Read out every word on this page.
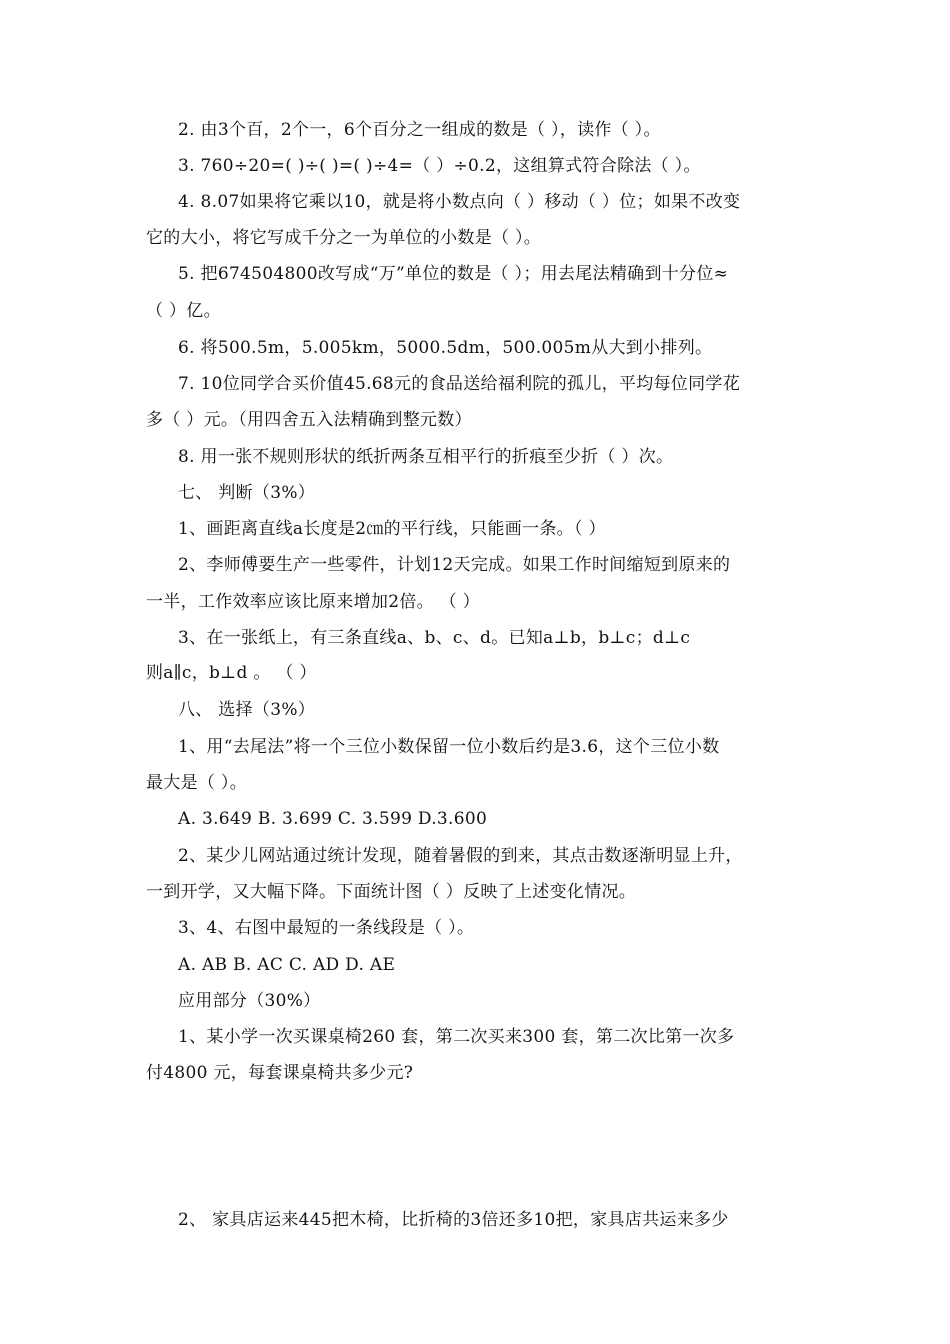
2. 由3个百，2个一，6个百分之一组成的数是（ ），读作（ ）。
3. 760÷20=( )÷( )=( )÷4=（ ）÷0.2，这组算式符合除法（ ）。
4. 8.07如果将它乘以10，就是将小数点向（ ）移动（ ）位；如果不改变
它的大小，将它写成千分之一为单位的小数是（ ）。
5. 把674504800改写成“万”单位的数是（ ）；用去尾法精确到十分位≈
（ ）亿。
6. 将500.5m，5.005km，5000.5dm，500.005m从大到小排列。
7. 10位同学合买价值45.68元的食品送给福利院的孤儿，平均每位同学花
多（ ）元。（用四舍五入法精确到整元数）
8. 用一张不规则形状的纸折两条互相平行的折痕至少折（ ）次。
七、 判断（3%）
1、画距离直线a长度是2㎝的平行线，只能画一条。（ ）
2、李师傅要生产一些零件，计划12天完成。如果工作时间缩短到原来的
一半，工作效率应该比原来增加2倍。 （ ）
3、在一张纸上，有三条直线a、b、c、d。已知a⊥b，b⊥c；d⊥c
则a∥c，b⊥d 。 （ ）
八、 选择（3%）
1、用“去尾法”将一个三位小数保留一位小数后约是3.6，这个三位小数
最大是（ ）。
A. 3.649 B. 3.699 C. 3.599 D.3.600
2、某少儿网站通过统计发现，随着暑假的到来，其点击数逐渐明显上升，
一到开学，又大幅下降。下面统计图（ ）反映了上述变化情况。
3、4、右图中最短的一条线段是（ ）。
A. AB B. AC C. AD D. AE
应用部分（30%）
1、某小学一次买课桌椅260 套，第二次买来300 套，第二次比第一次多
付4800 元，每套课桌椅共多少元?
2、 家具店运来445把木椅，比折椅的3倍还多10把，家具店共运来多少
